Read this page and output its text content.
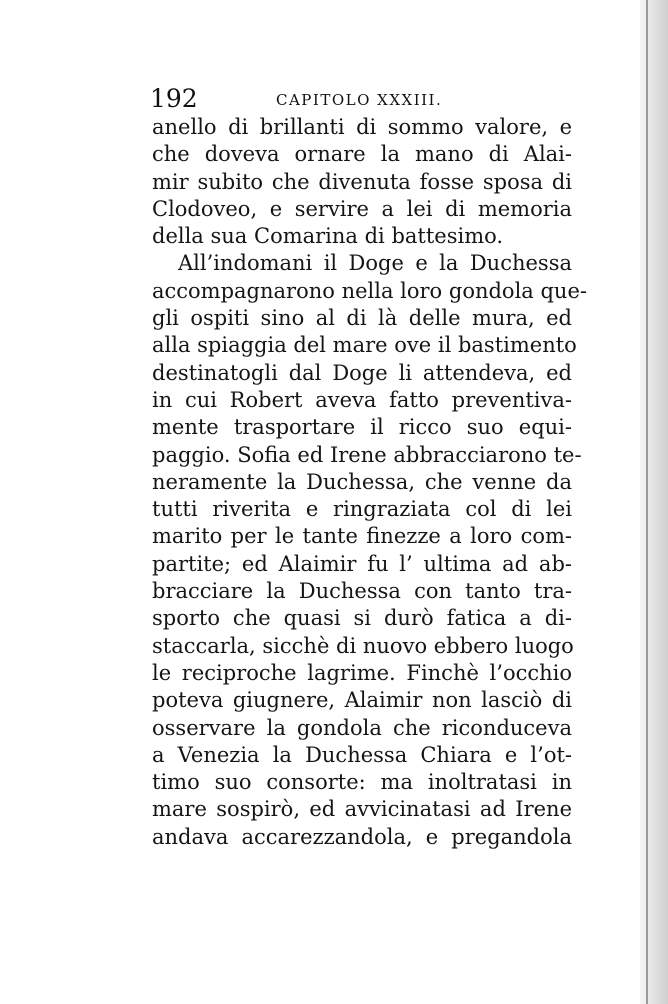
192	CAPITOLO XXXIII.
anello di brillanti di sommo valore, e
che doveva ornare la mano di Alai-
mir subito che divenuta fosse sposa di
Clodoveo, e servire a lei di memoria
della sua Comarina di battesimo.
All’indomani il Doge e la Duchessa
accompagnarono nella loro gondola que-
gli ospiti sino al di là delle mura, ed
alla spiaggia del mare ove il bastimento
destinatogli dal Doge li attendeva, ed
in cui Robert aveva fatto preventiva-
mente trasportare il ricco suo equi-
paggio. Sofia ed Irene abbracciarono te-
neramente la Duchessa, che venne da
tutti riverita e ringraziata col di lei
marito per le tante finezze a loro com-
partite; ed Alaimir fu l’ ultima ad ab-
bracciare la Duchessa con tanto tra-
sporto che quasi si durò fatica a di-
staccarla, sicchè di nuovo ebbero luogo
le reciproche lagrime. Finchè l’occhio
poteva giugnere, Alaimir non lasciò di
osservare la gondola che riconduceva
a Venezia la Duchessa Chiara e l’ot-
timo suo consorte: ma inoltratasi in
mare sospirò, ed avvicinatasi ad Irene
andava accarezzandola, e pregandola
